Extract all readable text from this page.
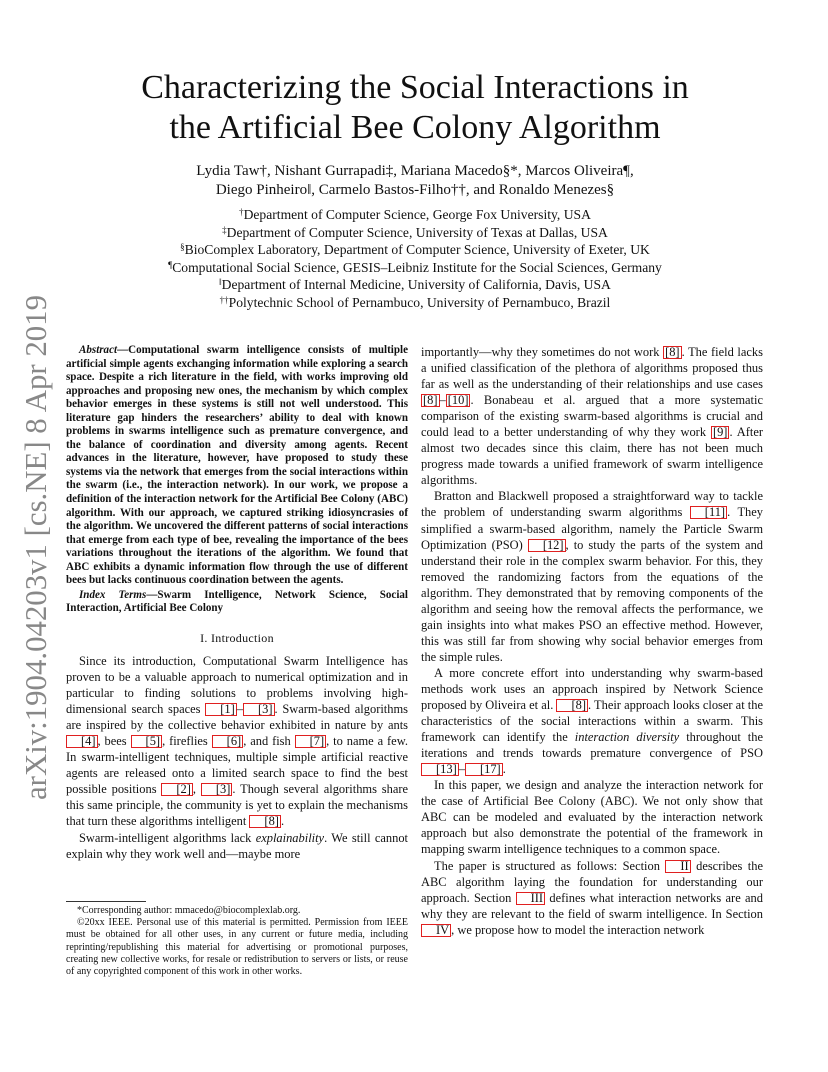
arXiv:1904.04203v1 [cs.NE] 8 Apr 2019
Characterizing the Social Interactions in
the Artificial Bee Colony Algorithm
Lydia Taw†, Nishant Gurrapadi‡, Mariana Macedo§*, Marcos Oliveira¶,
Diego Pinheiro‖, Carmelo Bastos-Filho††, and Ronaldo Menezes§
†Department of Computer Science, George Fox University, USA
‡Department of Computer Science, University of Texas at Dallas, USA
§BioComplex Laboratory, Department of Computer Science, University of Exeter, UK
¶Computational Social Science, GESIS–Leibniz Institute for the Social Sciences, Germany
‖Department of Internal Medicine, University of California, Davis, USA
††Polytechnic School of Pernambuco, University of Pernambuco, Brazil
Abstract—Computational swarm intelligence consists of multiple artificial simple agents exchanging information while exploring a search space. Despite a rich literature in the field, with works improving old approaches and proposing new ones, the mechanism by which complex behavior emerges in these systems is still not well understood. This literature gap hinders the researchers’ ability to deal with known problems in swarms intelligence such as premature convergence, and the balance of coordination and diversity among agents. Recent advances in the literature, however, have proposed to study these systems via the network that emerges from the social interactions within the swarm (i.e., the interaction network). In our work, we propose a definition of the interaction network for the Artificial Bee Colony (ABC) algorithm. With our approach, we captured striking idiosyncrasies of the algorithm. We uncovered the different patterns of social interactions that emerge from each type of bee, revealing the importance of the bees variations throughout the iterations of the algorithm. We found that ABC exhibits a dynamic information flow through the use of different bees but lacks continuous coordination between the agents.
Index Terms—Swarm Intelligence, Network Science, Social Interaction, Artificial Bee Colony
I. Introduction

Since its introduction, Computational Swarm Intelligence has proven to be a valuable approach to numerical optimization and in particular to finding solutions to problems involving high-dimensional search spaces [1] – [3] . Swarm-based algorithms are inspired by the collective behavior exhibited in nature by ants [4] , bees [5] , fireflies [6] , and fish [7] , to name a few. In swarm-intelligent techniques, multiple simple artificial reactive agents are released onto a limited search space to find the best possible positions [2] , [3] . Though several algorithms share this same principle, the community is yet to explain the mechanisms that turn these algorithms intelligent [8] .

Swarm-intelligent algorithms lack explainability. We still cannot explain why they work well and—maybe more

*Corresponding author: mmacedo@biocomplexlab.org.

©20xx IEEE. Personal use of this material is permitted. Permission from IEEE must be obtained for all other uses, in any current or future media, including reprinting/republishing this material for advertising or promotional purposes, creating new collective works, for resale or redistribution to servers or lists, or reuse of any copyrighted component of this work in other works.

importantly—why they sometimes do not work [8] . The field lacks a unified classification of the plethora of algorithms proposed thus far as well as the understanding of their relationships and use cases [8] – [10] . Bonabeau et al. argued that a more systematic comparison of the existing swarm-based algorithms is crucial and could lead to a better understanding of why they work [9] . After almost two decades since this claim, there has not been much progress made towards a unified framework of swarm intelligence algorithms.

Bratton and Blackwell proposed a straightforward way to tackle the problem of understanding swarm algorithms [11] . They simplified a swarm-based algorithm, namely the Particle Swarm Optimization (PSO) [12] , to study the parts of the system and understand their role in the complex swarm behavior. For this, they removed the randomizing factors from the equations of the algorithm. They demonstrated that by removing components of the algorithm and seeing how the removal affects the performance, we gain insights into what makes PSO an effective method. However, this was still far from showing why social behavior emerges from the simple rules.

A more concrete effort into understanding why swarm-based methods work uses an approach inspired by Network Science proposed by Oliveira et al. [8] . Their approach looks closer at the characteristics of the social interactions within a swarm. This framework can identify the interaction diversity throughout the iterations and trends towards premature convergence of PSO [13] – [17] .

In this paper, we design and analyze the interaction network for the case of Artificial Bee Colony (ABC). We not only show that ABC can be modeled and evaluated by the interaction network approach but also demonstrate the potential of the framework in mapping swarm intelligence techniques to a common space.

The paper is structured as follows: Section II describes the ABC algorithm laying the foundation for understanding our approach. Section III defines what interaction networks are and why they are relevant to the field of swarm intelligence. In Section IV , we propose how to model the interaction network
